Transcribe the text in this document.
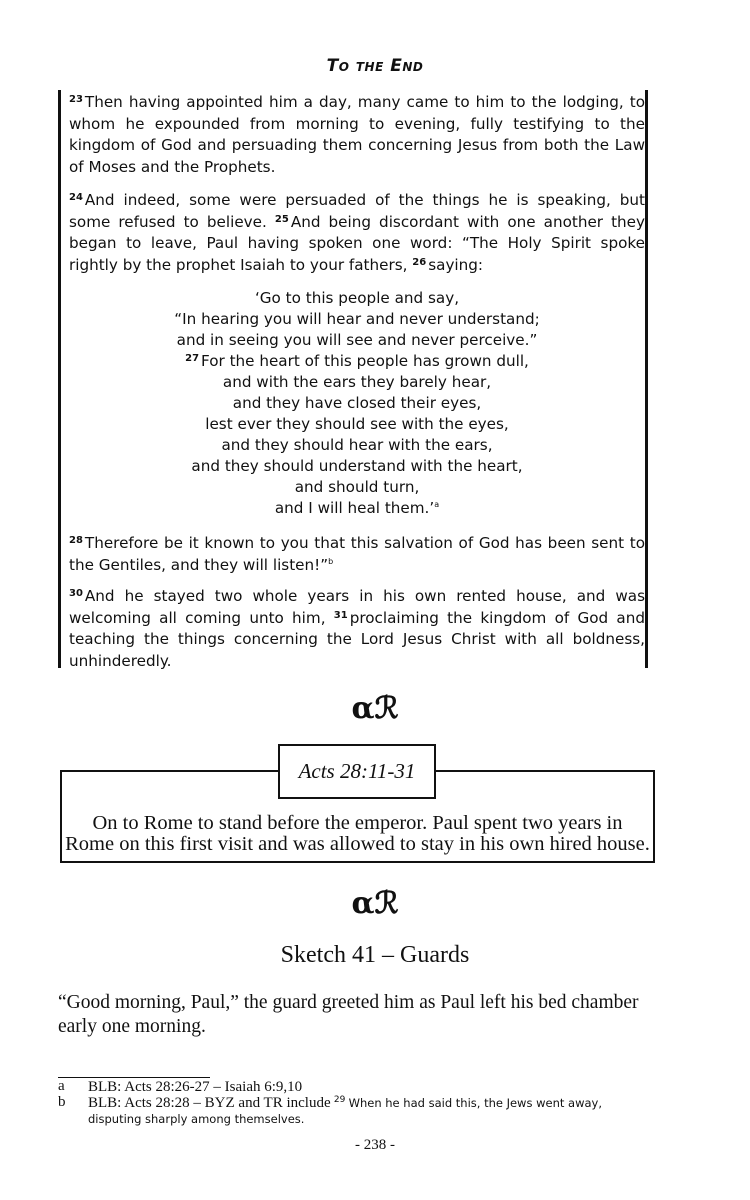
To the End

$^{23}$ Then having appointed him a day, many came to him to the lodging, to whom he expounded from morning to evening, fully testifying to the kingdom of God and persuading them concerning Jesus from both the Law of Moses and the Prophets.

$^{24}$ And indeed, some were persuaded of the things he is speaking, but some refused to believe. $^{25}$ And being discordant with one another they began to leave, Paul having spoken one word: “The Holy Spirit spoke rightly by the prophet Isaiah to your fathers, $^{26}$ saying:

‘Go to this people and say,
“In hearing you will hear and never understand;
and in seeing you will see and never perceive.”
$^{27}$ For the heart of this people has grown dull,
and with the ears they barely hear,
and they have closed their eyes,
lest ever they should see with the eyes,
and they should hear with the ears,
and they should understand with the heart,
and should turn,
and I will heal them.’$^a$

$^{28}$ Therefore be it known to you that this salvation of God has been sent to the Gentiles, and they will listen!”$^b$

$^{30}$ And he stayed two whole years in his own rented house, and was welcoming all coming unto him, $^{31}$ proclaiming the kingdom of God and teaching the things concerning the Lord Jesus Christ with all boldness, unhinderedly.

αℛ
Acts 28:11-31
On to Rome to stand before the emperor. Paul spent two years in
Rome on this first visit and was allowed to stay in his own hired house.
αℛ
Sketch 41 – Guards

“Good morning, Paul,” the guard greeted him as Paul left his bed chamber early one morning.

a	BLB: Acts 28:26-27 – Isaiah 6:9,10
b	BLB: Acts 28:28 – BYZ and TR include $^{29}$ When he had said this, the Jews went away, disputing sharply among themselves.
- 238 -
